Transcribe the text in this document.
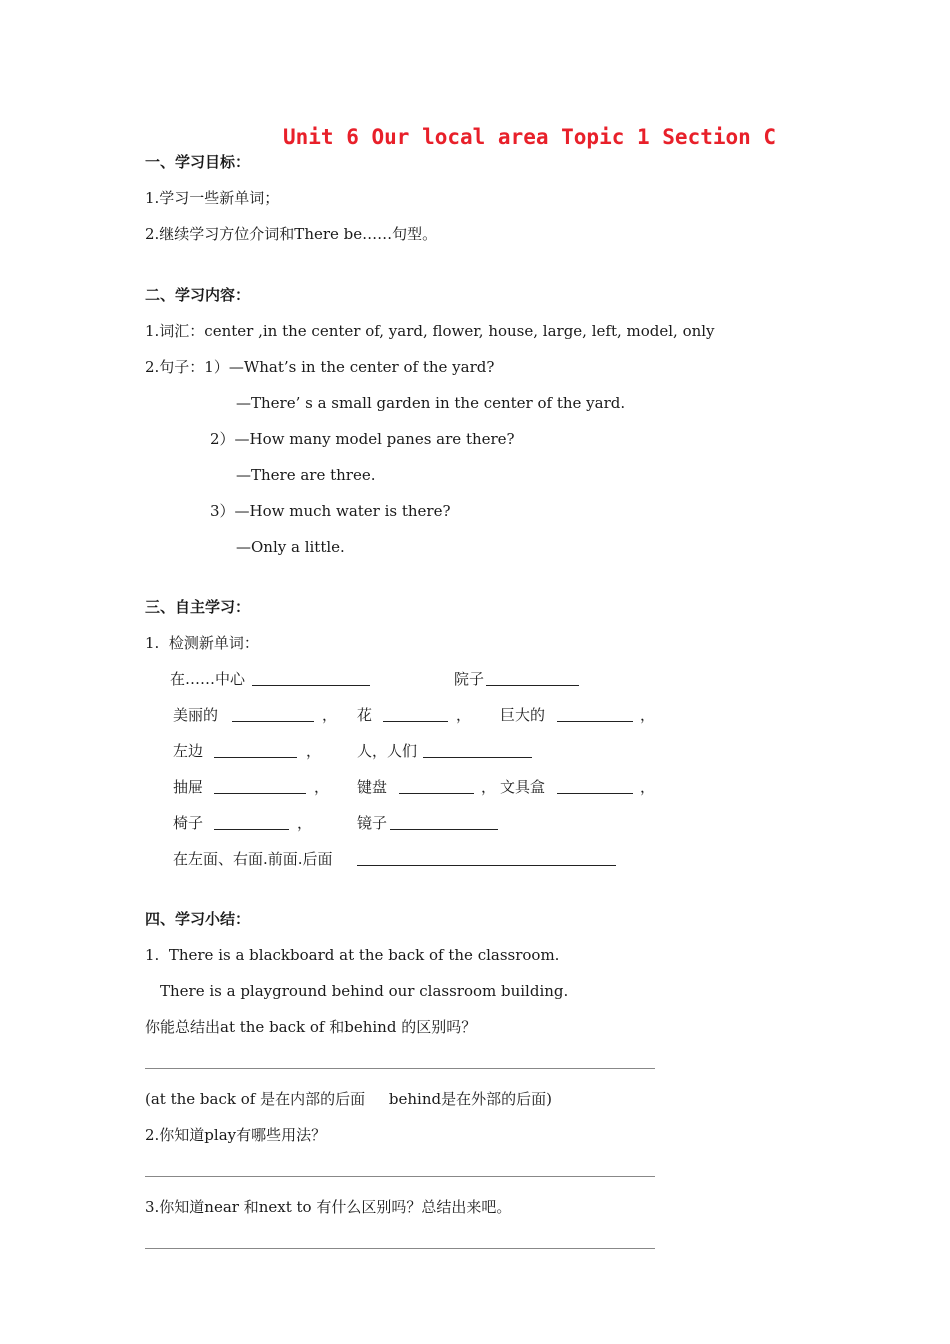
Unit 6 Our local area Topic 1 Section C
一、学习目标：
1.学习一些新单词；
2.继续学习方位介词和There be……句型。
二、学习内容：
1.词汇：center ,in the center of, yard, flower, house, large, left, model, only
2.句子：1）—What’s in the center of the yard?
—There’ s a small garden in the center of the yard.
2）—How many model panes are there?
—There are three.
3）—How much water is there?
—Only a little.
三、自主学习：
1.  检测新单词：
在……中心	院子
美丽的	， 花	， 巨大的	，
左边	， 人，人们
抽屉	， 键盘	， 文具盒	，
椅子	，	镜子
在左面、右面.前面.后面
四、学习小结：
1.  There is a blackboard at the back of the classroom.
There is a playground behind our classroom building.
你能总结出at the back of 和behind 的区别吗？
(at the back of 是在内部的后面     behind是在外部的后面)
2.你知道play有哪些用法？
3.你知道near 和next to 有什么区别吗？总结出来吧。
